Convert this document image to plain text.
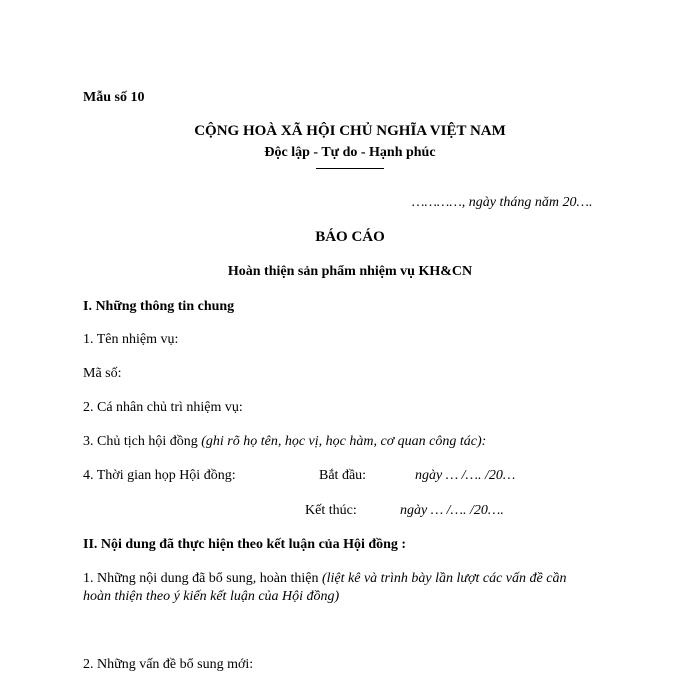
Mẫu số 10
CỘNG HOÀ XÃ HỘI CHỦ NGHĨA VIỆT NAM
Độc lập - Tự do - Hạnh phúc
…………, ngày tháng năm 20….
BÁO CÁO
Hoàn thiện sản phẩm nhiệm vụ KH&CN
I. Những thông tin chung
1. Tên nhiệm vụ:
Mã số:
2. Cá nhân chủ trì nhiệm vụ:
3. Chủ tịch hội đồng (ghi rõ họ tên, học vị, học hàm, cơ quan công tác):
4. Thời gian họp Hội đồng:	Bắt đầu:	ngày … /…. /20…
Kết thúc:	ngày … /…. /20….
II. Nội dung đã thực hiện theo kết luận của Hội đồng :
1. Những nội dung đã bổ sung, hoàn thiện (liệt kê và trình bày lần lượt các vấn đề cần
hoàn thiện theo ý kiến kết luận của Hội đồng)
2. Những vấn đề bổ sung mới:
